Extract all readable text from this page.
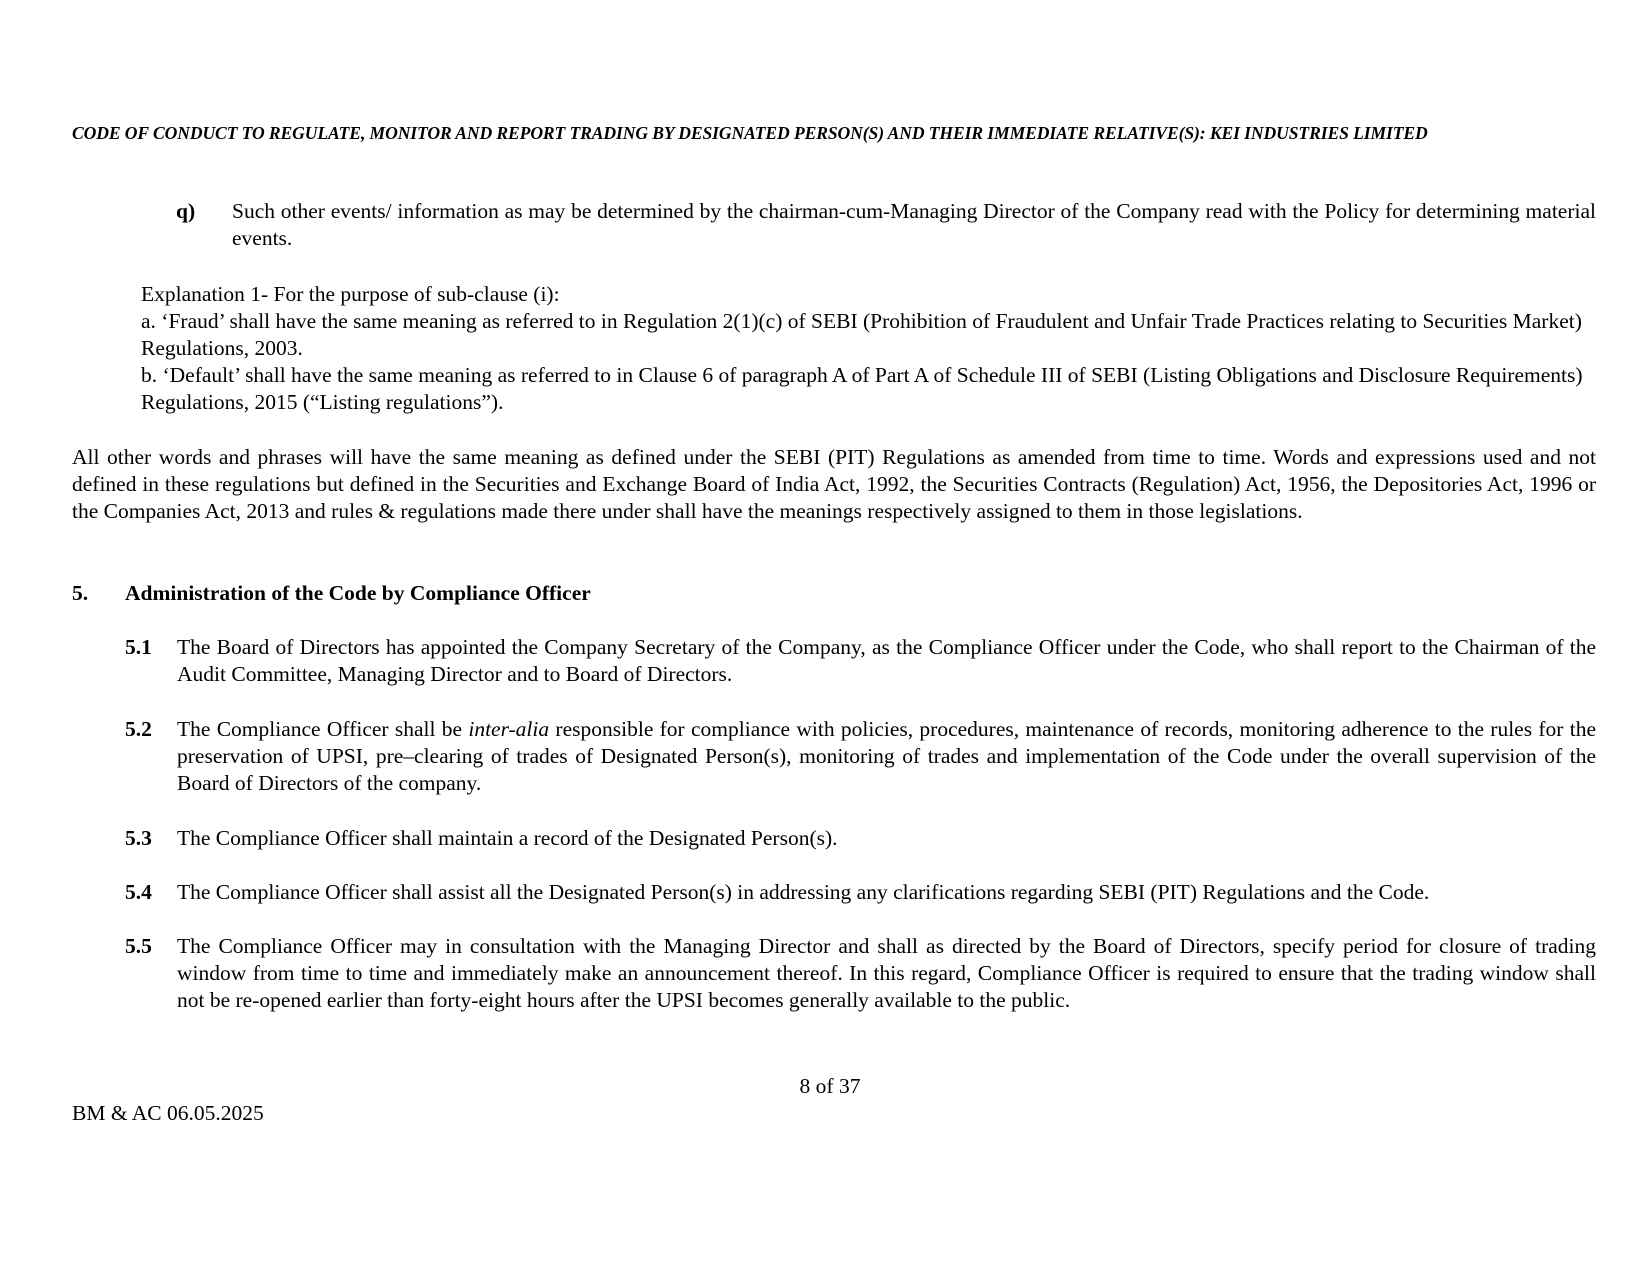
CODE OF CONDUCT TO REGULATE, MONITOR AND REPORT TRADING BY DESIGNATED PERSON(S) AND THEIR IMMEDIATE RELATIVE(S): KEI INDUSTRIES LIMITED
q) Such other events/ information as may be determined by the chairman-cum-Managing Director of the Company read with the Policy for determining material events.

Explanation 1- For the purpose of sub-clause (i):

a. ‘Fraud’ shall have the same meaning as referred to in Regulation 2(1)(c) of SEBI (Prohibition of Fraudulent and Unfair Trade Practices relating to Securities Market) Regulations, 2003.

b. ‘Default’ shall have the same meaning as referred to in Clause 6 of paragraph A of Part A of Schedule III of SEBI (Listing Obligations and Disclosure Requirements) Regulations, 2015 (“Listing regulations”).

All other words and phrases will have the same meaning as defined under the SEBI (PIT) Regulations as amended from time to time. Words and expressions used and not defined in these regulations but defined in the Securities and Exchange Board of India Act, 1992, the Securities Contracts (Regulation) Act, 1956, the Depositories Act, 1996 or the Companies Act, 2013 and rules & regulations made there under shall have the meanings respectively assigned to them in those legislations.
5. Administration of the Code by Compliance Officer
5.1 The Board of Directors has appointed the Company Secretary of the Company, as the Compliance Officer under the Code, who shall report to the Chairman of the Audit Committee, Managing Director and to Board of Directors.
5.2 The Compliance Officer shall be inter-alia responsible for compliance with policies, procedures, maintenance of records, monitoring adherence to the rules for the preservation of UPSI, pre–clearing of trades of Designated Person(s), monitoring of trades and implementation of the Code under the overall supervision of the Board of Directors of the company.
5.3 The Compliance Officer shall maintain a record of the Designated Person(s).
5.4 The Compliance Officer shall assist all the Designated Person(s) in addressing any clarifications regarding SEBI (PIT) Regulations and the Code.
5.5 The Compliance Officer may in consultation with the Managing Director and shall as directed by the Board of Directors, specify period for closure of trading window from time to time and immediately make an announcement thereof. In this regard, Compliance Officer is required to ensure that the trading window shall not be re-opened earlier than forty-eight hours after the UPSI becomes generally available to the public.
8 of 37
BM & AC 06.05.2025
